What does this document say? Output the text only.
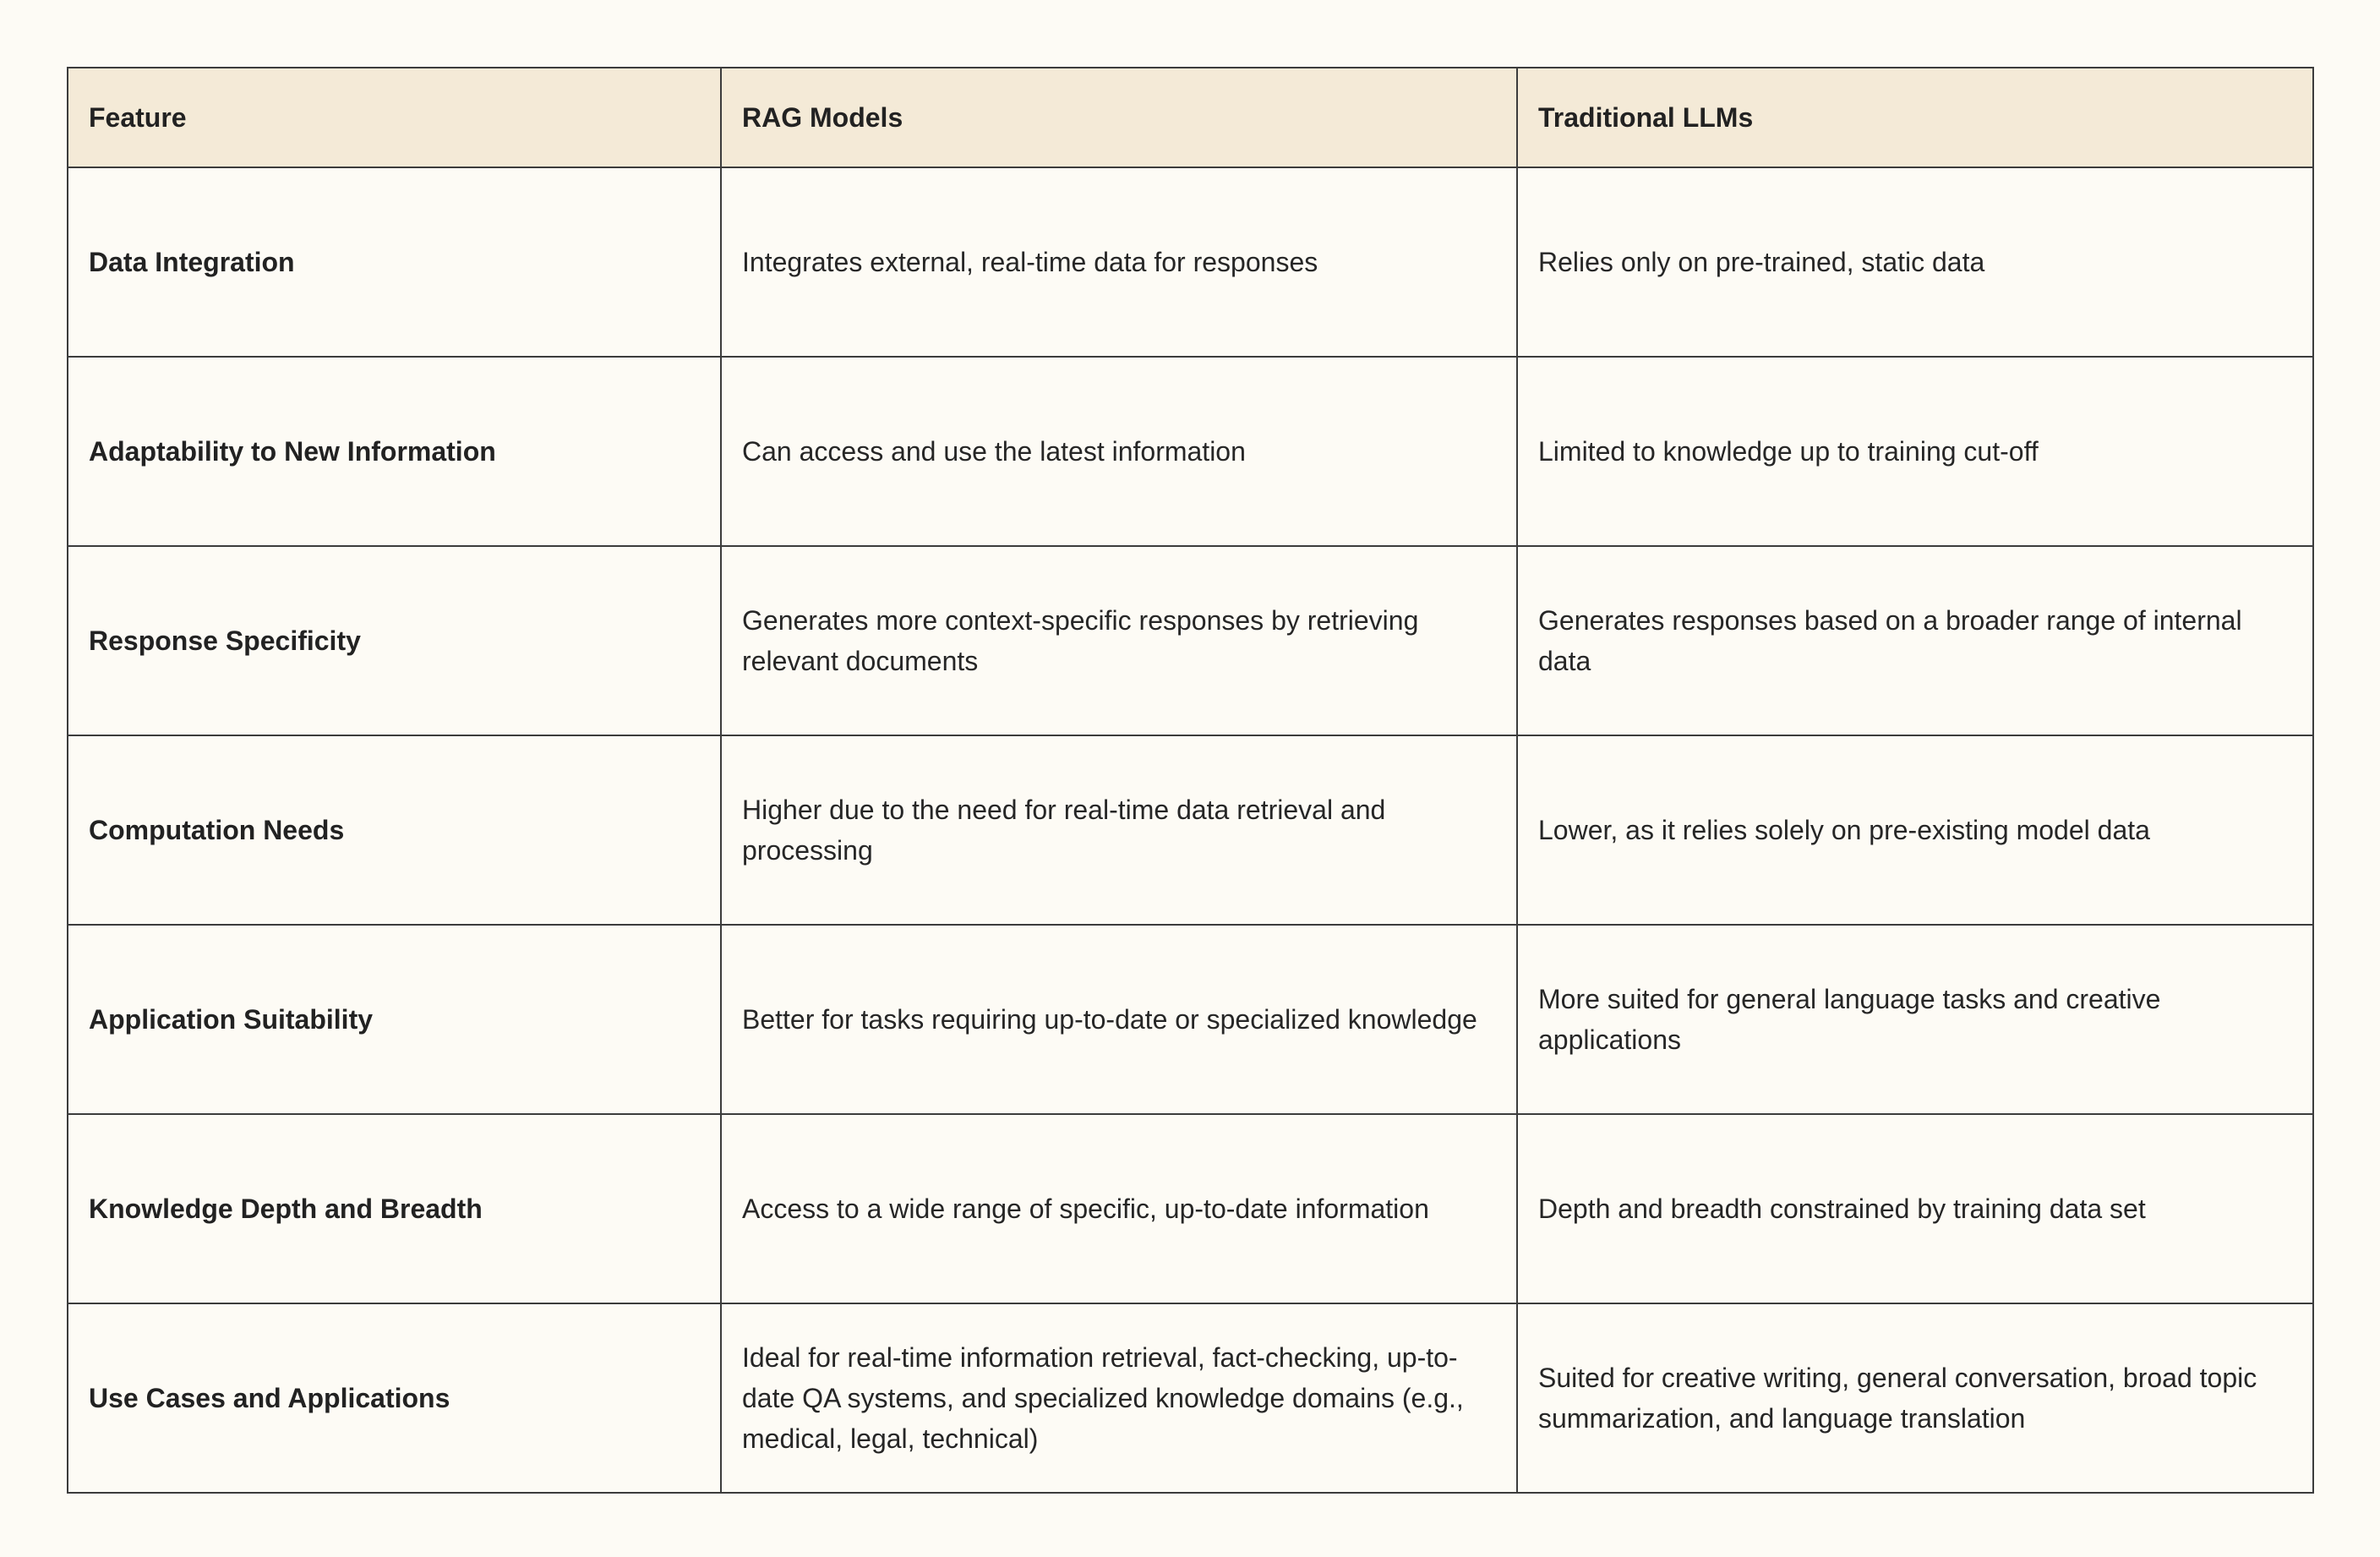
Feature	RAG Models	Traditional LLMs
Data Integration	Integrates external, real-time data for responses	Relies only on pre-trained, static data
Adaptability to New Information	Can access and use the latest information	Limited to knowledge up to training cut-off
Response Specificity	Generates more context-specific responses by retrieving relevant documents	Generates responses based on a broader range of internal data
Computation Needs	Higher due to the need for real-time data retrieval and processing	Lower, as it relies solely on pre-existing model data
Application Suitability	Better for tasks requiring up-to-date or specialized knowledge	More suited for general language tasks and creative applications
Knowledge Depth and Breadth	Access to a wide range of specific, up-to-date information	Depth and breadth constrained by training data set
Use Cases and Applications	Ideal for real-time information retrieval, fact-checking, up-to-date QA systems, and specialized knowledge domains (e.g., medical, legal, technical)	Suited for creative writing, general conversation, broad topic summarization, and language translation
